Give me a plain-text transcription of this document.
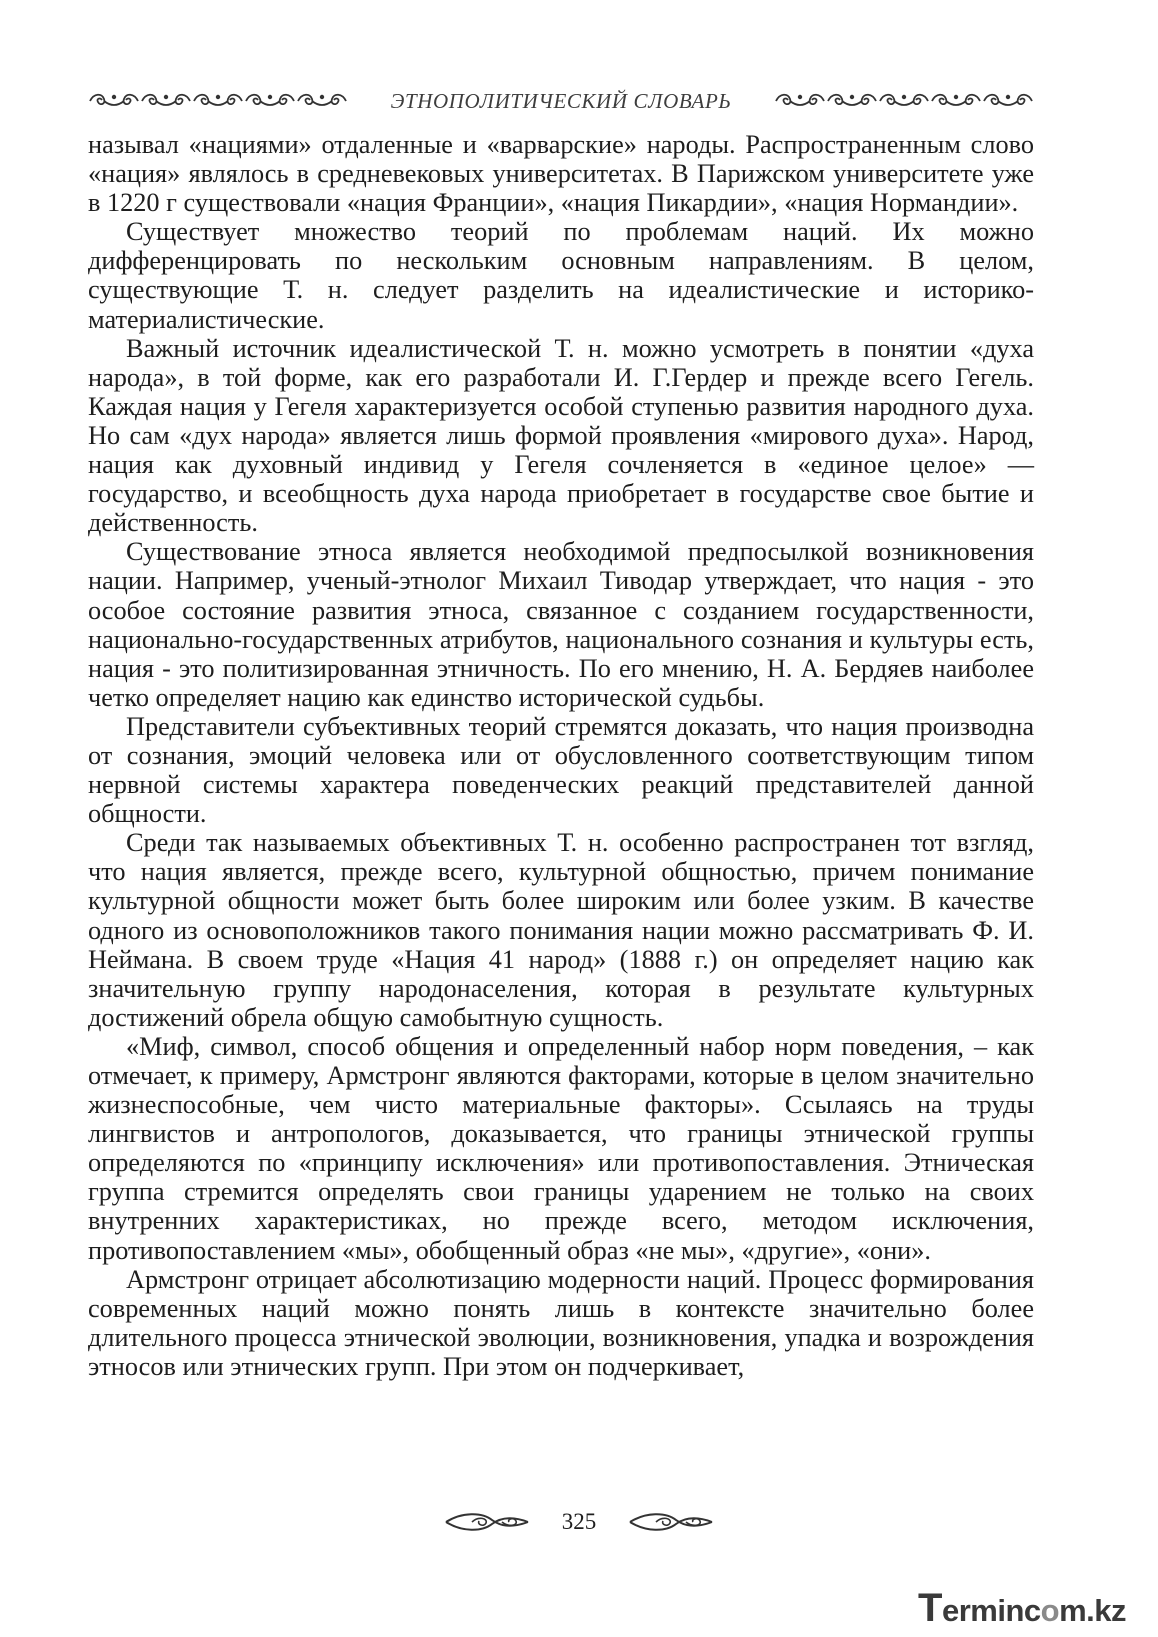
ЭТНОПОЛИТИЧЕСКИЙ СЛОВАРЬ

называл «нациями» отдаленные и «варварские» народы. Распространенным слово «нация» являлось в средневековых университетах. В Парижском университете уже в 1220 г существовали «нация Франции», «нация Пикардии», «нация Нормандии».

Существует множество теорий по проблемам наций. Их можно дифференцировать по нескольким основным направлениям. В целом, существующие Т. н. следует разделить на идеалистические и историко-материалистические.

Важный источник идеалистической Т. н. можно усмотреть в понятии «духа народа», в той форме, как его разработали И. Г.Гердер и прежде всего Гегель. Каждая нация у Гегеля характеризуется особой ступенью развития народного духа. Но сам «дух народа» является лишь формой проявления «мирового духа». Народ, нация как духовный индивид у Гегеля сочленяется в «единое целое» — государство, и всеобщность духа народа приобретает в государстве свое бытие и действенность.

Существование этноса является необходимой предпосылкой возникновения нации. Например, ученый-этнолог Михаил Тиводар утверждает, что нация - это особое состояние развития этноса, связанное с созданием государственности, национально-государственных атрибутов, национального сознания и культуры есть, нация - это политизированная этничность. По его мнению, Н. А. Бердяев наиболее четко определяет нацию как единство исторической судьбы.

Представители субъективных теорий стремятся доказать, что нация производна от сознания, эмоций человека или от обусловленного соответствующим типом нервной системы характера поведенческих реакций представителей данной общности.

Среди так называемых объективных Т. н. особенно распространен тот взгляд, что нация является, прежде всего, культурной общностью, причем понимание культурной общности может быть более широким или более узким. В качестве одного из основоположников такого понимания нации можно рассматривать Ф. И. Неймана. В своем труде «Нация 41 народ» (1888 г.) он определяет нацию как значительную группу народонаселения, которая в результате культурных достижений обрела общую самобытную сущность.

«Миф, символ, способ общения и определенный набор норм поведения, – как отмечает, к примеру, Армстронг являются факторами, которые в целом значительно жизнеспособные, чем чисто материальные факторы». Ссылаясь на труды лингвистов и антропологов, доказывается, что границы этнической группы определяются по «принципу исключения» или противопоставления. Этническая группа стремится определять свои границы ударением не только на своих внутренних характеристиках, но прежде всего, методом исключения, противопоставлением «мы», обобщенный образ «не мы», «другие», «они».

Армстронг отрицает абсолютизацию модерности наций. Процесс формирования современных наций можно понять лишь в контексте значительно более длительного процесса этнической эволюции, возникновения, упадка и возрождения этносов или этнических групп. При этом он подчеркивает,

325
Termincom.kz
